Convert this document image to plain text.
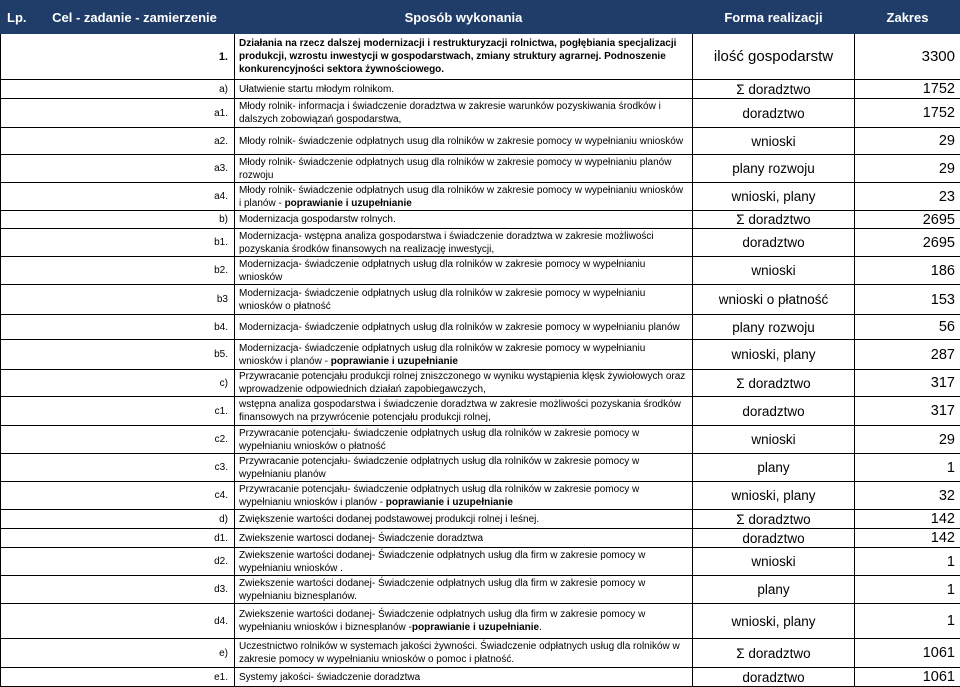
Lp.	Cel - zadanie - zamierzenie	Sposób wykonania	Forma realizacji	Zakres
1.		Działania na rzecz dalszej modernizacji i restrukturyzacji rolnictwa, pogłębiania specjalizacji produkcji, wzrostu inwestycji w gospodarstwach, zmiany struktury agrarnej. Podnoszenie konkurencyjności sektora żywnościowego.	ilość gospodarstw	3300
a)		Ułatwienie startu młodym rolnikom.	Σ doradztwo	1752
a1.		Młody rolnik- informacja i świadczenie doradztwa w zakresie warunków pozyskiwania środków i dalszych zobowiązań gospodarstwa,	doradztwo	1752
a2.		Młody rolnik- świadczenie odpłatnych usug dla rolników w zakresie pomocy w wypełnianiu wniosków	wnioski	29
a3.		Młody rolnik- świadczenie odpłatnych usug dla rolników w zakresie pomocy w wypełnianiu planów rozwoju	plany rozwoju	29
a4.		Młody rolnik- świadczenie odpłatnych usug dla rolników w zakresie pomocy w wypełnianiu wniosków i planów - poprawianie i uzupełnianie	wnioski, plany	23
b)		Modernizacja gospodarstw rolnych.	Σ doradztwo	2695
b1.		Modernizacja- wstępna analiza gospodarstwa i świadczenie doradztwa w zakresie możliwości pozyskania środków finansowych na realizację inwestycji,	doradztwo	2695
b2.		Modernizacja- świadczenie odpłatnych usług dla rolników w zakresie pomocy w wypełnianiu wniosków	wnioski	186
b3		Modernizacja- świadczenie odpłatnych usług dla rolników w zakresie pomocy w wypełnianiu wniosków o płatność	wnioski o płatność	153
b4.		Modernizacja- świadczenie odpłatnych usług dla rolników w zakresie pomocy w wypełnianiu planów	plany rozwoju	56
b5.		Modernizacja- świadczenie odpłatnych usług dla rolników w zakresie pomocy w wypełnianiu wniosków i planów - poprawianie i uzupełnianie	wnioski, plany	287
c)		Przywracanie potencjału produkcji rolnej zniszczonego w wyniku wystąpienia klęsk żywiołowych oraz wprowadzenie odpowiednich działań zapobiegawczych,	Σ doradztwo	317
c1.		wstępna analiza gospodarstwa i świadczenie doradztwa w zakresie możliwości pozyskania środków finansowych na przywrócenie potencjału produkcji rolnej,	doradztwo	317
c2.		Przywracanie potencjału- świadczenie odpłatnych usług dla rolników w zakresie pomocy w wypełnianiu wniosków o płatność	wnioski	29
c3.		Przywracanie potencjału- świadczenie odpłatnych usług dla rolników w zakresie pomocy w wypełnianiu planów	plany	1
c4.		Przywracanie potencjału- świadczenie odpłatnych usług dla rolników w zakresie pomocy w wypełnianiu wniosków i planów - poprawianie i uzupełnianie	wnioski, plany	32
d)		Zwiększenie wartości dodanej podstawowej produkcji rolnej i leśnej.	Σ doradztwo	142
d1.		Zwiekszenie wartosci dodanej- Świadczenie doradztwa	doradztwo	142
d2.		Zwiekszenie wartości dodanej- Świadczenie odpłatnych usług dla firm w zakresie pomocy w wypełnianiu wniosków .	wnioski	1
d3.		Zwiekszenie wartości dodanej- Świadczenie odpłatnych usług dla firm w zakresie pomocy w wypełnianiu biznesplanów.	plany	1
d4.		Zwiekszenie wartości dodanej- Świadczenie odpłatnych usług dla firm w zakresie pomocy w wypełnianiu wniosków i biznesplanów -poprawianie i uzupełnianie.	wnioski, plany	1
e)		Uczestnictwo rolników w systemach jakości żywności. Świadczenie odpłatnych usług dla rolników w zakresie pomocy w wypełnianiu wniosków o pomoc i płatność.	Σ doradztwo	1061
e1.		Systemy jakości- świadczenie doradztwa	doradztwo	1061
